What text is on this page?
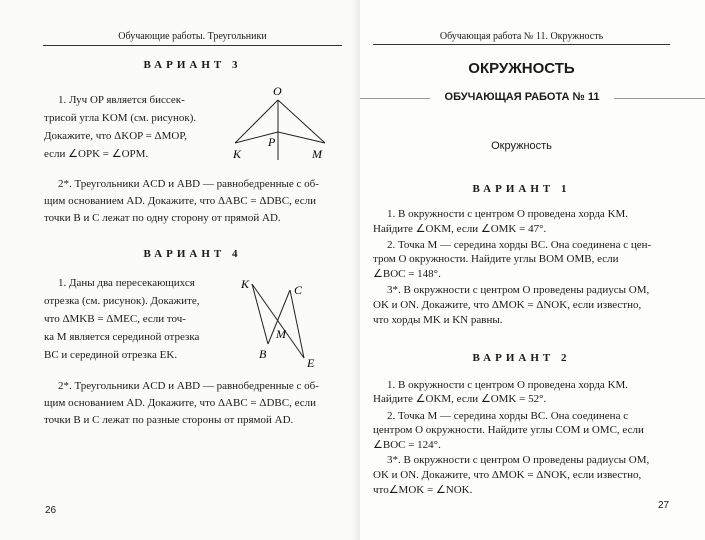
Обучающие работы. Треугольники
ВАРИАНТ 3
1. Луч OP является биссек-
трисой угла KOM (см. рисунок).
Докажите, что ΔKOP = ΔMOP,
если ∠OPK = ∠OPM.
O
P
K	M
2*. Треугольники ACD и ABD — равнобедренные с об-
щим основанием AD. Докажите, что ΔABC = ΔDBC, если
точки B и C лежат по одну сторону от прямой AD.
ВАРИАНТ 4
1. Даны два пересекающихся
отрезка (см. рисунок). Докажите,
что ΔMKB = ΔMEC, если точ-
ка M является серединой отрезка
BC и серединой отрезка EK.
K	C
M
B
E
2*. Треугольники ACD и ABD — равнобедренные с об-
щим основанием AD. Докажите, что ΔABC = ΔDBC, если
точки B и C лежат по разные стороны от прямой AD.
26
Обучающая работа № 11. Окружность
ОКРУЖНОСТЬ
ОБУЧАЮЩАЯ РАБОТА № 11
Окружность
ВАРИАНТ 1
1. В окружности с центром O проведена хорда KM.
Найдите ∠OKM, если ∠OMK = 47°.
2. Точка M — середина хорды BC. Она соединена с цен-
тром O окружности. Найдите углы BOM OMB, если
∠BOC = 148°.
3*. В окружности с центром O проведены радиусы OM,
OK и ON. Докажите, что ΔMOK = ΔNOK, если известно,
что хорды MK и KN равны.
ВАРИАНТ 2
1. В окружности с центром O проведена хорда KM.
Найдите ∠OKM, если ∠OMK = 52°.
2. Точка M — середина хорды BC. Она соединена с
центром O окружности. Найдите углы COM и OMC, если
∠BOC = 124°.
3*. В окружности с центром O проведены радиусы OM,
OK и ON. Докажите, что ΔMOK = ΔNOK, если известно,
что∠MOK = ∠NOK.
27
